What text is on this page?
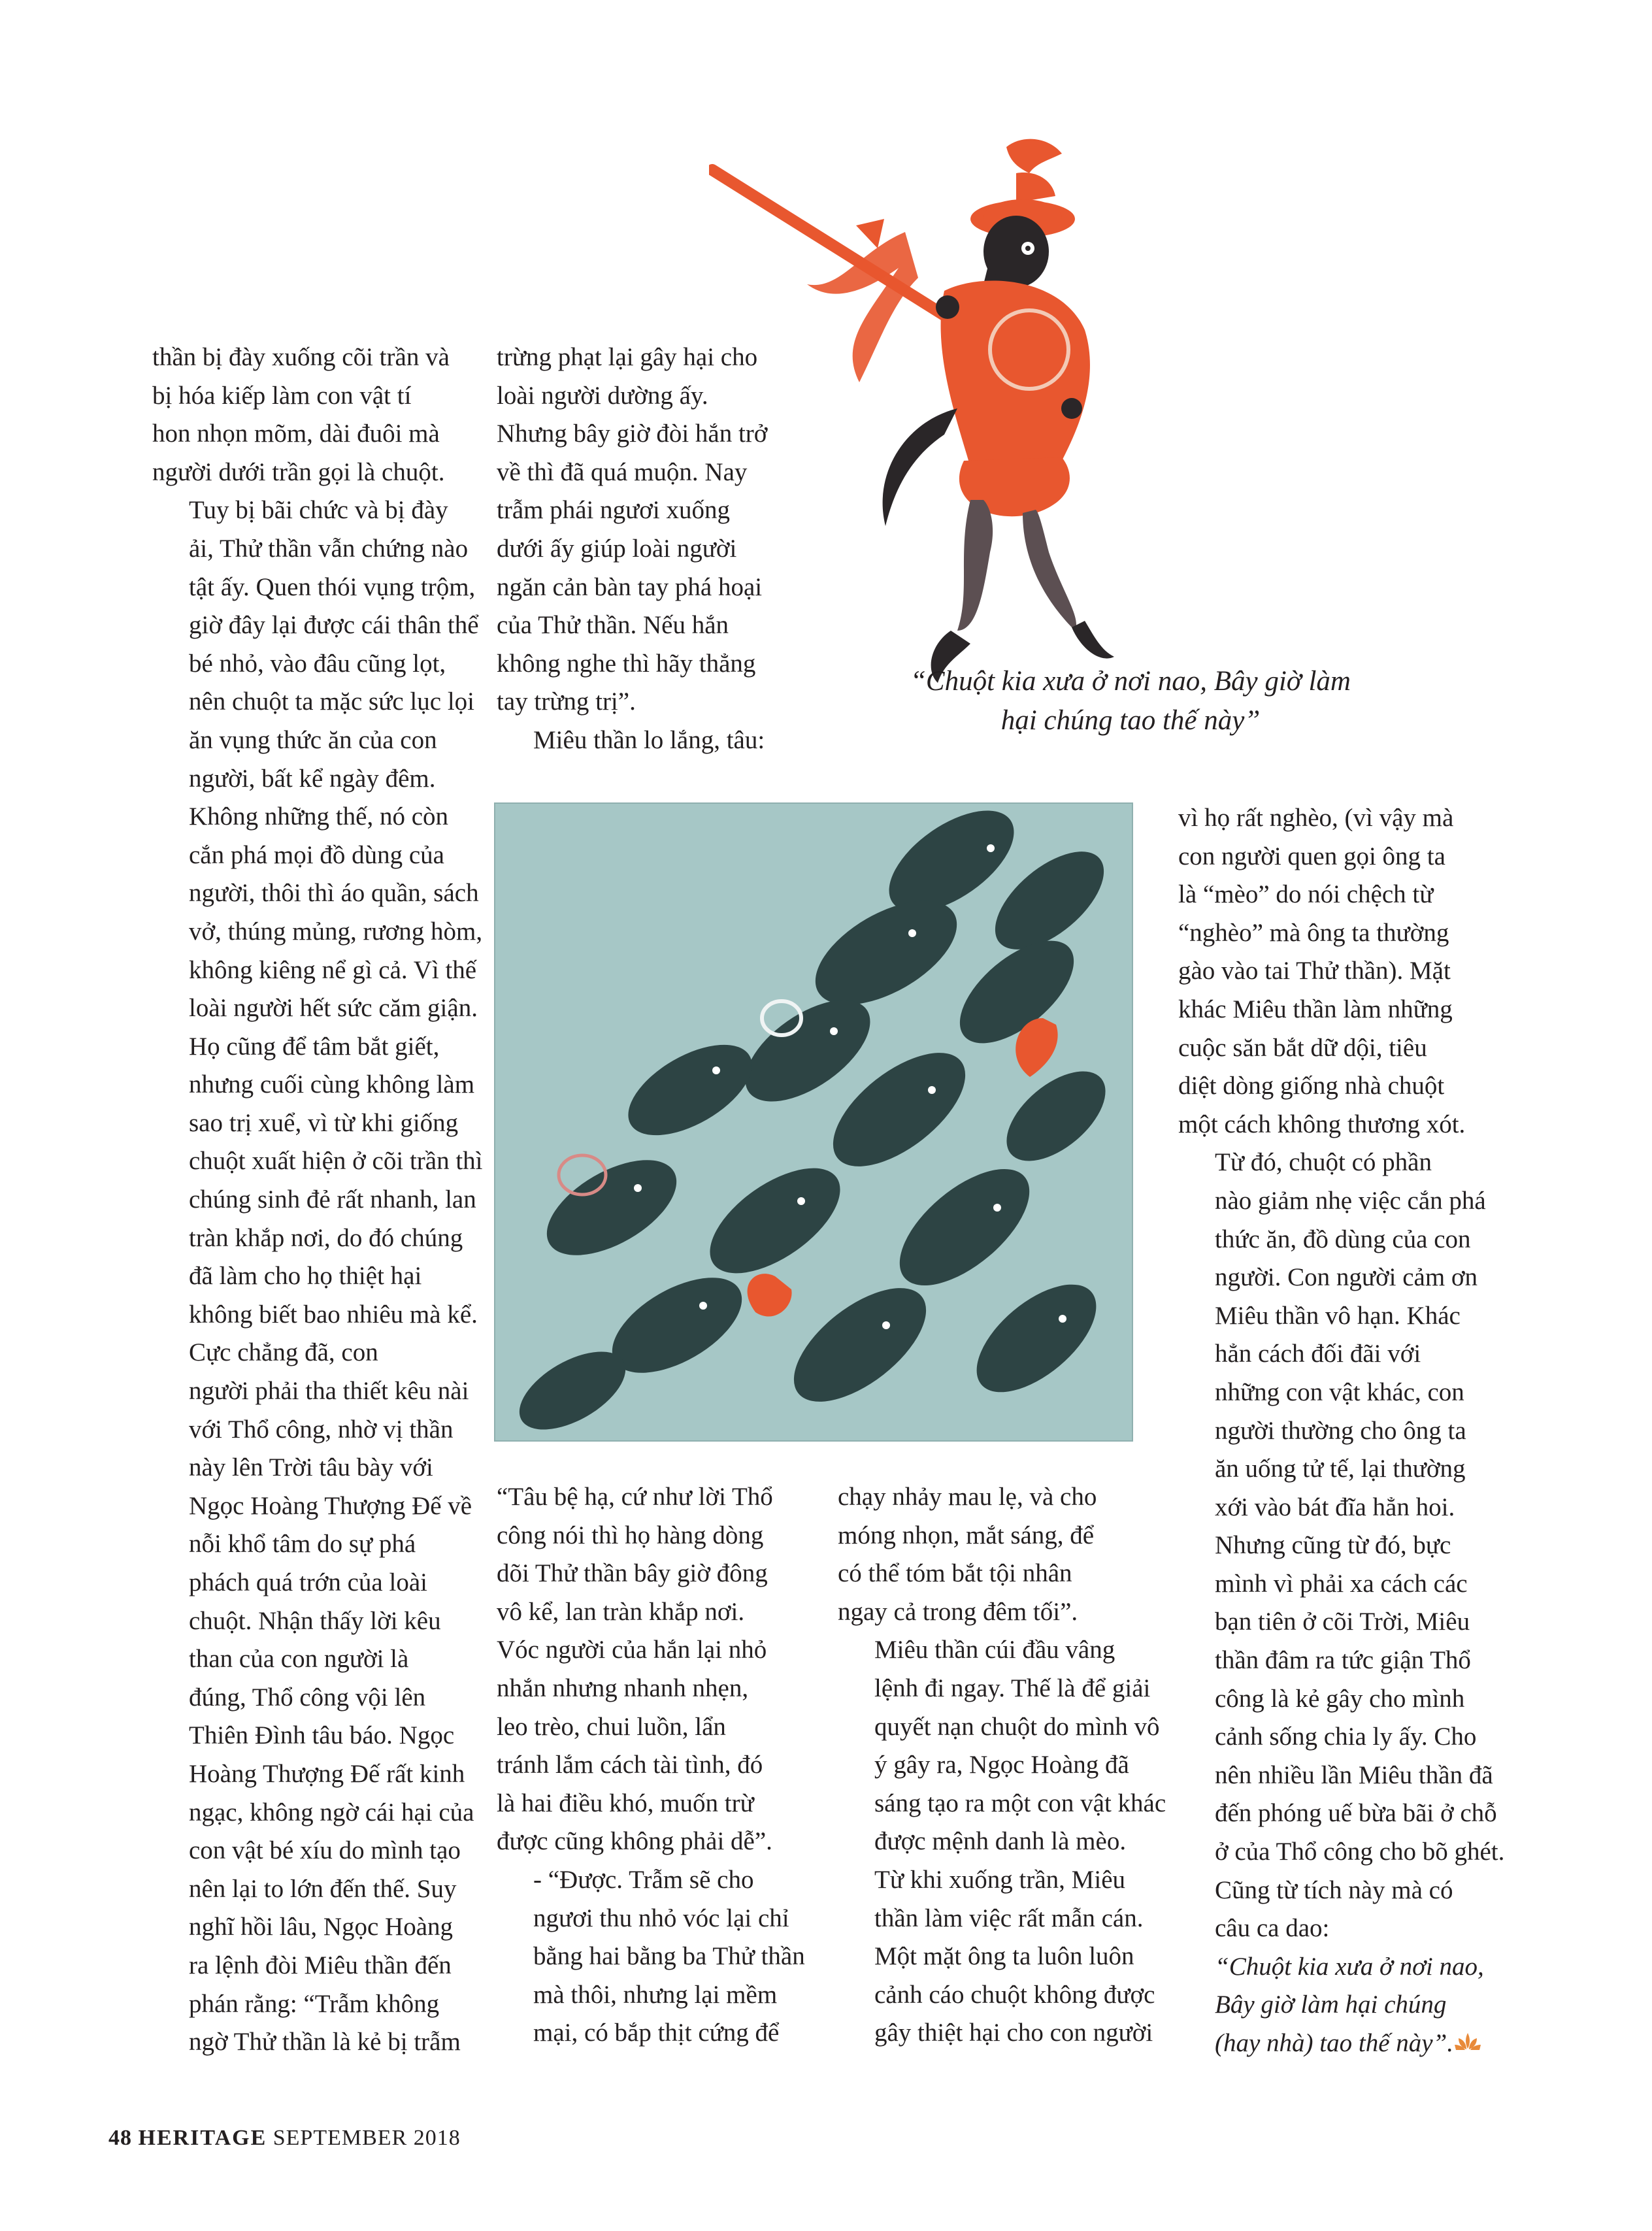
“Chuột kia xưa ở nơi nao, Bây giờ làm hại chúng tao thế này”

thần bị đày xuống cõi trần và
bị hóa kiếp làm con vật tí
hon nhọn mõm, dài đuôi mà
người dưới trần gọi là chuột.

Tuy bị bãi chức và bị đày
ải, Thử thần vẫn chứng nào
tật ấy. Quen thói vụng trộm,
giờ đây lại được cái thân thể
bé nhỏ, vào đâu cũng lọt,
nên chuột ta mặc sức lục lọi
ăn vụng thức ăn của con
người, bất kể ngày đêm.
Không những thế, nó còn
cắn phá mọi đồ dùng của
người, thôi thì áo quần, sách
vở, thúng mủng, rương hòm,
không kiêng nể gì cả. Vì thế
loài người hết sức căm giận.
Họ cũng để tâm bắt giết,
nhưng cuối cùng không làm
sao trị xuể, vì từ khi giống
chuột xuất hiện ở cõi trần thì
chúng sinh đẻ rất nhanh, lan
tràn khắp nơi, do đó chúng
đã làm cho họ thiệt hại
không biết bao nhiêu mà kể.

Cực chẳng đã, con
người phải tha thiết kêu nài
với Thổ công, nhờ vị thần
này lên Trời tâu bày với
Ngọc Hoàng Thượng Đế về
nỗi khổ tâm do sự phá
phách quá trớn của loài
chuột. Nhận thấy lời kêu
than của con người là
đúng, Thổ công vội lên
Thiên Đình tâu báo. Ngọc
Hoàng Thượng Đế rất kinh
ngạc, không ngờ cái hại của
con vật bé xíu do mình tạo
nên lại to lớn đến thế. Suy
nghĩ hồi lâu, Ngọc Hoàng
ra lệnh đòi Miêu thần đến
phán rằng: “Trẫm không
ngờ Thử thần là kẻ bị trẫm

trừng phạt lại gây hại cho
loài người dường ấy.
Nhưng bây giờ đòi hắn trở
về thì đã quá muộn. Nay
trẫm phái ngươi xuống
dưới ấy giúp loài người
ngăn cản bàn tay phá hoại
của Thử thần. Nếu hắn
không nghe thì hãy thẳng
tay trừng trị”.

Miêu thần lo lắng, tâu:

“Tâu bệ hạ, cứ như lời Thổ
công nói thì họ hàng dòng
dõi Thử thần bây giờ đông
vô kể, lan tràn khắp nơi.
Vóc người của hắn lại nhỏ
nhắn nhưng nhanh nhẹn,
leo trèo, chui luồn, lẩn
tránh lắm cách tài tình, đó
là hai điều khó, muốn trừ
được cũng không phải dễ”.

- “Được. Trẫm sẽ cho
ngươi thu nhỏ vóc lại chỉ
bằng hai bằng ba Thử thần
mà thôi, nhưng lại mềm
mại, có bắp thịt cứng để

chạy nhảy mau lẹ, và cho
móng nhọn, mắt sáng, để
có thể tóm bắt tội nhân
ngay cả trong đêm tối”.

Miêu thần cúi đầu vâng
lệnh đi ngay. Thế là để giải
quyết nạn chuột do mình vô
ý gây ra, Ngọc Hoàng đã
sáng tạo ra một con vật khác
được mệnh danh là mèo.

Từ khi xuống trần, Miêu
thần làm việc rất mẫn cán.
Một mặt ông ta luôn luôn
cảnh cáo chuột không được
gây thiệt hại cho con người

vì họ rất nghèo, (vì vậy mà
con người quen gọi ông ta
là “mèo” do nói chệch từ
“nghèo” mà ông ta thường
gào vào tai Thử thần). Mặt
khác Miêu thần làm những
cuộc săn bắt dữ dội, tiêu
diệt dòng giống nhà chuột
một cách không thương xót.

Từ đó, chuột có phần
nào giảm nhẹ việc cắn phá
thức ăn, đồ dùng của con
người. Con người cảm ơn
Miêu thần vô hạn. Khác
hẳn cách đối đãi với
những con vật khác, con
người thường cho ông ta
ăn uống tử tế, lại thường
xới vào bát đĩa hẳn hoi.

Nhưng cũng từ đó, bực
mình vì phải xa cách các
bạn tiên ở cõi Trời, Miêu
thần đâm ra tức giận Thổ
công là kẻ gây cho mình
cảnh sống chia ly ấy. Cho
nên nhiều lần Miêu thần đã
đến phóng uế bừa bãi ở chỗ
ở của Thổ công cho bõ ghét.

Cũng từ tích này mà có
câu ca dao:

“Chuột kia xưa ở nơi nao,
Bây giờ làm hại chúng
(hay nhà) tao thế này”.

48 HERITAGE SEPTEMBER 2018
